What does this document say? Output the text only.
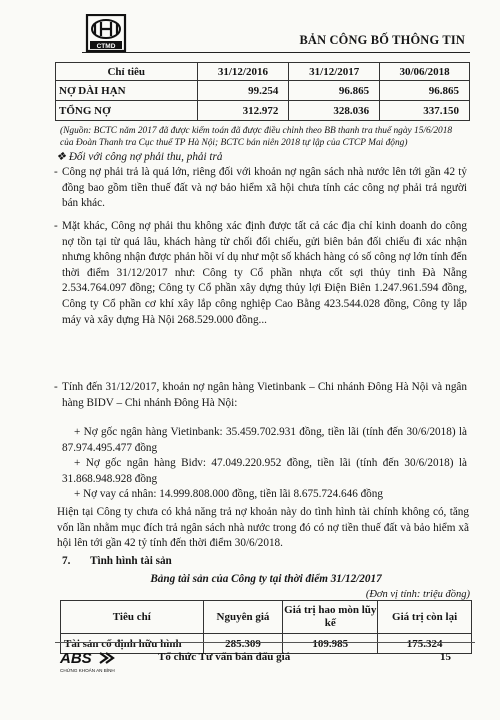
CTMD	BẢN CÔNG BỐ THÔNG TIN
Chỉ tiêu	31/12/2016	31/12/2017	30/06/2018
NỢ DÀI HẠN	99.254	96.865	96.865
TỔNG NỢ	312.972	328.036	337.150
(Nguồn: BCTC năm 2017 đã được kiểm toán đã được điều chỉnh theo BB thanh tra thuế ngày 15/6/2018 của Đoàn Thanh tra Cục thuế TP Hà Nội; BCTC bán niên 2018 tự lập của CTCP Mai động)
❖ Đối với công nợ phải thu, phải trả
- Công nợ phải trả là quá lớn, riêng đối với khoản nợ ngân sách nhà nước lên tới gần 42 tỷ đồng bao gồm tiền thuế đất và nợ bảo hiểm xã hội chưa tính các công nợ phải trả người bán khác.
- Mặt khác, Công nợ phải thu không xác định được tất cả các địa chỉ kinh doanh do công nợ tồn tại từ quá lâu, khách hàng từ chối đối chiếu, gửi biên bản đối chiếu đi xác nhận nhưng không nhận được phản hồi ví dụ như một số khách hàng có số công nợ lớn tính đến thời điểm 31/12/2017 như: Công ty Cổ phần nhựa cốt sợi thủy tinh Đà Nẵng 2.534.764.097 đồng; Công ty Cổ phần xây dựng thủy lợi Điện Biên 1.247.961.594 đồng, Công ty Cổ phần cơ khí xây lắp công nghiệp Cao Bằng 423.544.028 đồng, Công ty lắp máy và xây dựng Hà Nội 268.529.000 đồng...
- Tính đến 31/12/2017, khoản nợ ngân hàng Vietinbank – Chi nhánh Đông Hà Nội và ngân hàng BIDV – Chi nhánh Đông Hà Nội:
+ Nợ gốc ngân hàng Vietinbank: 35.459.702.931 đồng, tiền lãi (tính đến 30/6/2018) là 87.974.495.477 đồng
+ Nợ gốc ngân hàng Bidv: 47.049.220.952 đồng, tiền lãi (tính đến 30/6/2018) là 31.868.948.928 đồng
+ Nợ vay cá nhân: 14.999.808.000 đồng, tiền lãi 8.675.724.646 đồng
Hiện tại Công ty chưa có khả năng trả nợ khoản này do tình hình tài chính không có, tăng vốn lần nhằm mục đích trả ngân sách nhà nước trong đó có nợ tiền thuế đất và bảo hiểm xã hội lên tới gần 42 tỷ tính đến thời điểm 30/6/2018.
7. Tình hình tài sản
Bảng tài sản của Công ty tại thời điểm 31/12/2017
(Đơn vị tính: triệu đồng)
Tiêu chí	Nguyên giá	Giá trị hao mòn lũy kế	Giá trị còn lại
Tài sản cố định hữu hình	285.309	109.985	175.324
ABS
CHỨNG KHOÁN AN BÌNH
Tổ chức Tư vấn bán đấu giá	15
